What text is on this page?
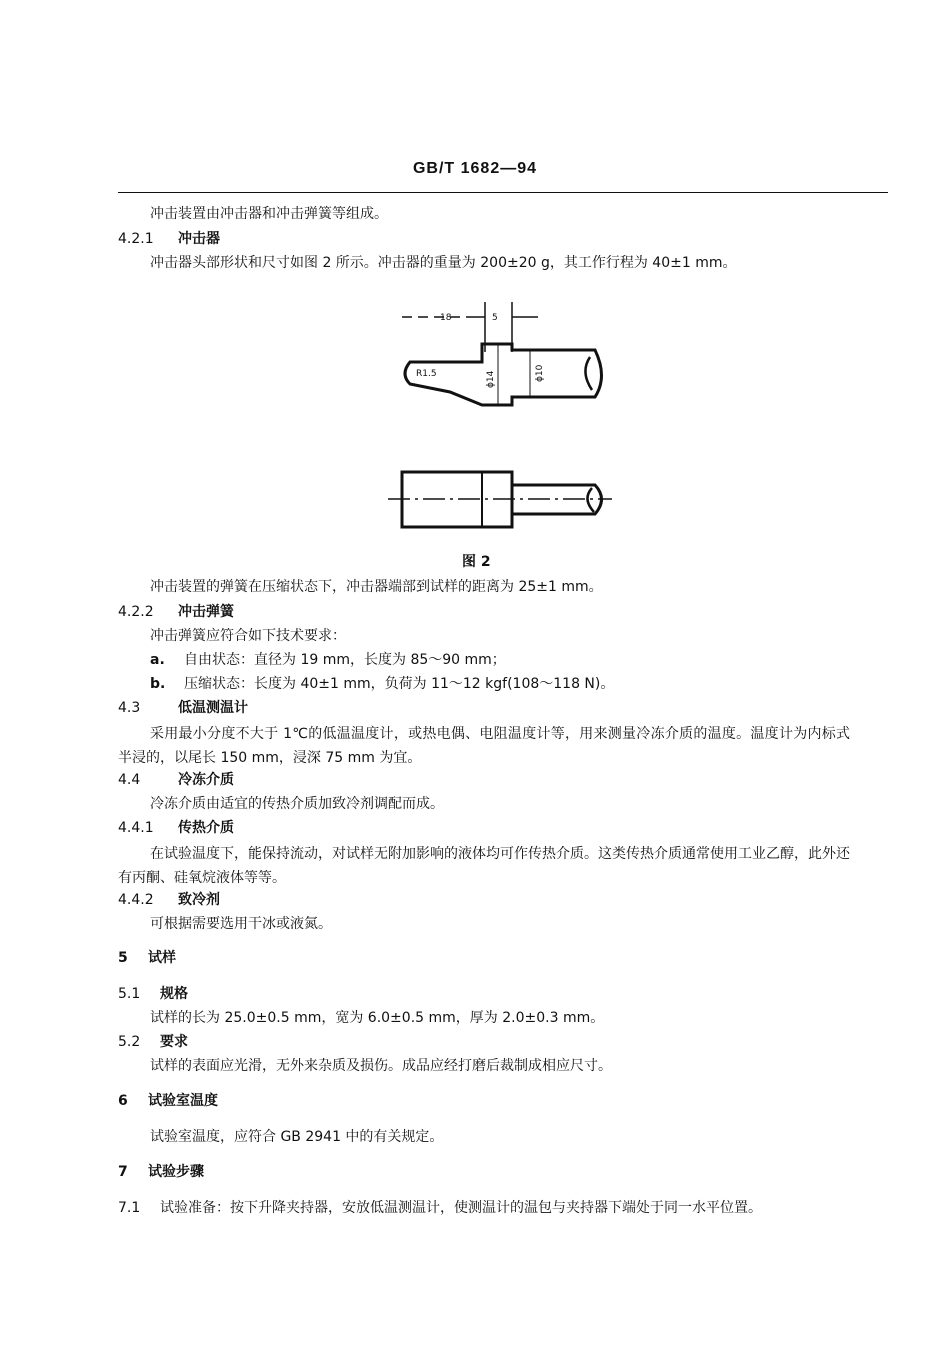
GB/T 1682—94
冲击装置由冲击器和冲击弹簧等组成。
4.2.1 冲击器
冲击器头部形状和尺寸如图 2 所示。冲击器的重量为 200±20 g，其工作行程为 40±1 mm。
18	5
R1.5	ϕ14	ϕ10
图 2
冲击装置的弹簧在压缩状态下，冲击器端部到试样的距离为 25±1 mm。
4.2.2 冲击弹簧
冲击弹簧应符合如下技术要求：
a. 自由状态：直径为 19 mm，长度为 85～90 mm；
b. 压缩状态：长度为 40±1 mm，负荷为 11～12 kgf(108～118 N)。
4.3	低温测温计
采用最小分度不大于 1℃的低温温度计，或热电偶、电阻温度计等，用来测量冷冻介质的温度。温度计为内标式半浸的，以尾长 150 mm，浸深 75 mm 为宜。
4.4	冷冻介质
冷冻介质由适宜的传热介质加致冷剂调配而成。
4.4.1 传热介质
在试验温度下，能保持流动，对试样无附加影响的液体均可作传热介质。这类传热介质通常使用工业乙醇，此外还有丙酮、硅氧烷液体等等。
4.4.2 致冷剂
可根据需要选用干冰或液氮。
5 试样
5.1 规格
试样的长为 25.0±0.5 mm，宽为 6.0±0.5 mm，厚为 2.0±0.3 mm。
5.2 要求
试样的表面应光滑，无外来杂质及损伤。成品应经打磨后裁制成相应尺寸。
6 试验室温度
试验室温度，应符合 GB 2941 中的有关规定。
7 试验步骤
7.1 试验准备：按下升降夹持器，安放低温测温计，使测温计的温包与夹持器下端处于同一水平位置。
